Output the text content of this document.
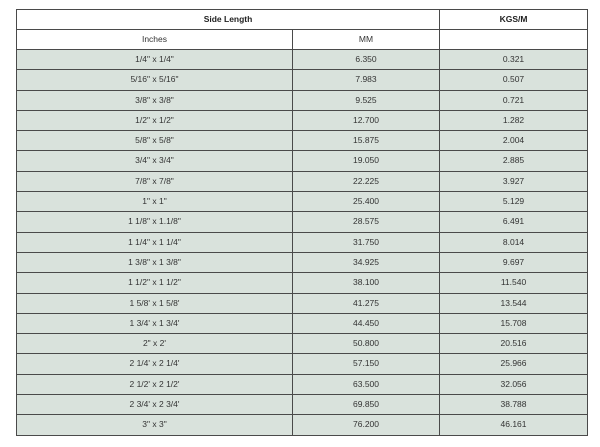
Side Length		KGS/M
Inches	MM	
1/4" x 1/4"	6.350	0.321
5/16" x 5/16"	7.983	0.507
3/8" x 3/8"	9.525	0.721
1/2" x 1/2"	12.700	1.282
5/8" x 5/8"	15.875	2.004
3/4" x 3/4"	19.050	2.885
7/8" x 7/8"	22.225	3.927
1" x 1"	25.400	5.129
1 1/8" x 1.1/8"	28.575	6.491
1 1/4" x 1 1/4"	31.750	8.014
1 3/8" x 1 3/8"	34.925	9.697
1 1/2" x 1 1/2"	38.100	11.540
1 5/8' x 1 5/8'	41.275	13.544
1 3/4' x 1 3/4'	44.450	15.708
2" x 2'	50.800	20.516
2 1/4' x 2 1/4'	57.150	25.966
2 1/2' x 2 1/2'	63.500	32.056
2 3/4' x 2 3/4'	69.850	38.788
3" x 3"	76.200	46.161
